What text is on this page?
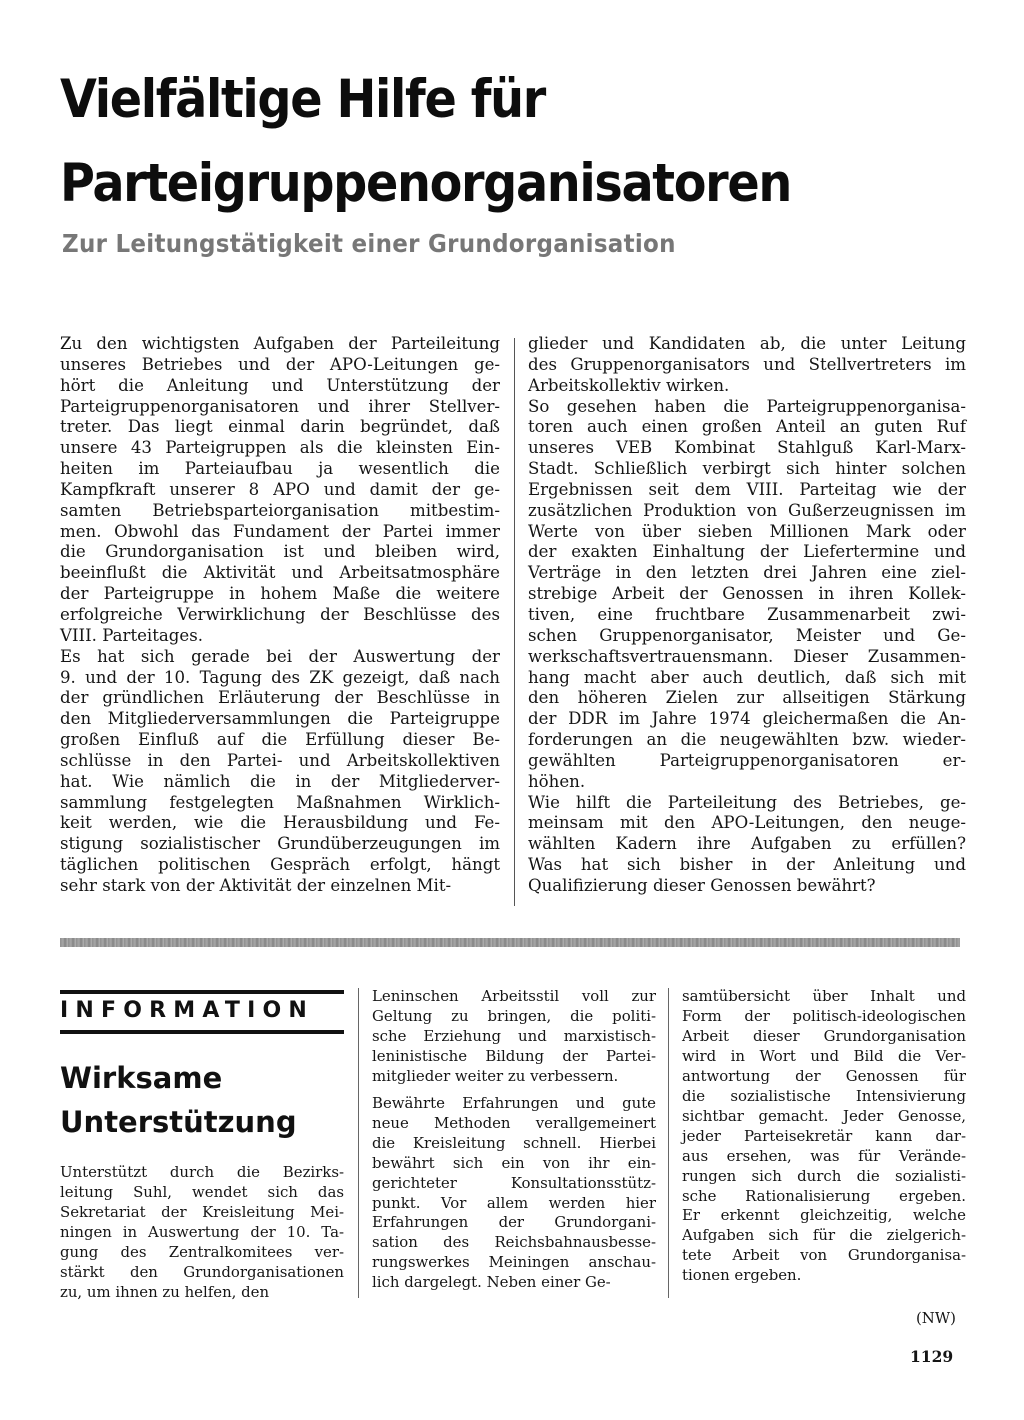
Vielfältige Hilfe für
Parteigruppenorganisatoren
Zur Leitungstätigkeit einer Grundorganisation
Zu den wichtigsten Aufgaben der Parteileitung
unseres Betriebes und der APO-Leitungen ge-
hört die Anleitung und Unterstützung der
Parteigruppenorganisatoren und ihrer Stellver-
treter. Das liegt einmal darin begründet, daß
unsere 43 Parteigruppen als die kleinsten Ein-
heiten im Parteiaufbau ja wesentlich die
Kampfkraft unserer 8 APO und damit der ge-
samten Betriebsparteiorganisation mitbestim-
men. Obwohl das Fundament der Partei immer
die Grundorganisation ist und bleiben wird,
beeinflußt die Aktivität und Arbeitsatmosphäre
der Parteigruppe in hohem Maße die weitere
erfolgreiche Verwirklichung der Beschlüsse des
VIII. Parteitages.
Es hat sich gerade bei der Auswertung der
9. und der 10. Tagung des ZK gezeigt, daß nach
der gründlichen Erläuterung der Beschlüsse in
den Mitgliederversammlungen die Parteigruppe
großen Einfluß auf die Erfüllung dieser Be-
schlüsse in den Partei- und Arbeitskollektiven
hat. Wie nämlich die in der Mitgliederver-
sammlung festgelegten Maßnahmen Wirklich-
keit werden, wie die Herausbildung und Fe-
stigung sozialistischer Grundüberzeugungen im
täglichen politischen Gespräch erfolgt, hängt
sehr stark von der Aktivität der einzelnen Mit-
glieder und Kandidaten ab, die unter Leitung
des Gruppenorganisators und Stellvertreters im
Arbeitskollektiv wirken.
So gesehen haben die Parteigruppenorganisa-
toren auch einen großen Anteil an guten Ruf
unseres VEB Kombinat Stahlguß Karl-Marx-
Stadt. Schließlich verbirgt sich hinter solchen
Ergebnissen seit dem VIII. Parteitag wie der
zusätzlichen Produktion von Gußerzeugnissen im
Werte von über sieben Millionen Mark oder
der exakten Einhaltung der Liefertermine und
Verträge in den letzten drei Jahren eine ziel-
strebige Arbeit der Genossen in ihren Kollek-
tiven, eine fruchtbare Zusammenarbeit zwi-
schen Gruppenorganisator, Meister und Ge-
werkschaftsvertrauensmann. Dieser Zusammen-
hang macht aber auch deutlich, daß sich mit
den höheren Zielen zur allseitigen Stärkung
der DDR im Jahre 1974 gleichermaßen die An-
forderungen an die neugewählten bzw. wieder-
gewählten Parteigruppenorganisatoren er-
höhen.
Wie hilft die Parteileitung des Betriebes, ge-
meinsam mit den APO-Leitungen, den neuge-
wählten Kadern ihre Aufgaben zu erfüllen?
Was hat sich bisher in der Anleitung und
Qualifizierung dieser Genossen bewährt?
INFORMATION
Wirksame
Unterstützung
Unterstützt durch die Bezirks-
leitung Suhl, wendet sich das
Sekretariat der Kreisleitung Mei-
ningen in Auswertung der 10. Ta-
gung des Zentralkomitees ver-
stärkt den Grundorganisationen
zu, um ihnen zu helfen, den
Leninschen Arbeitsstil voll zur
Geltung zu bringen, die politi-
sche Erziehung und marxistisch-
leninistische Bildung der Partei-
mitglieder weiter zu verbessern.
Bewährte Erfahrungen und gute
neue Methoden verallgemeinert
die Kreisleitung schnell. Hierbei
bewährt sich ein von ihr ein-
gerichteter Konsultationsstütz-
punkt. Vor allem werden hier
Erfahrungen der Grundorgani-
sation des Reichsbahnausbesse-
rungswerkes Meiningen anschau-
lich dargelegt. Neben einer Ge-
samtübersicht über Inhalt und
Form der politisch-ideologischen
Arbeit dieser Grundorganisation
wird in Wort und Bild die Ver-
antwortung der Genossen für
die sozialistische Intensivierung
sichtbar gemacht. Jeder Genosse,
jeder Parteisekretär kann dar-
aus ersehen, was für Verände-
rungen sich durch die sozialisti-
sche Rationalisierung ergeben.
Er erkennt gleichzeitig, welche
Aufgaben sich für die zielgerich-
tete Arbeit von Grundorganisa-
tionen ergeben.
(NW)
1129
